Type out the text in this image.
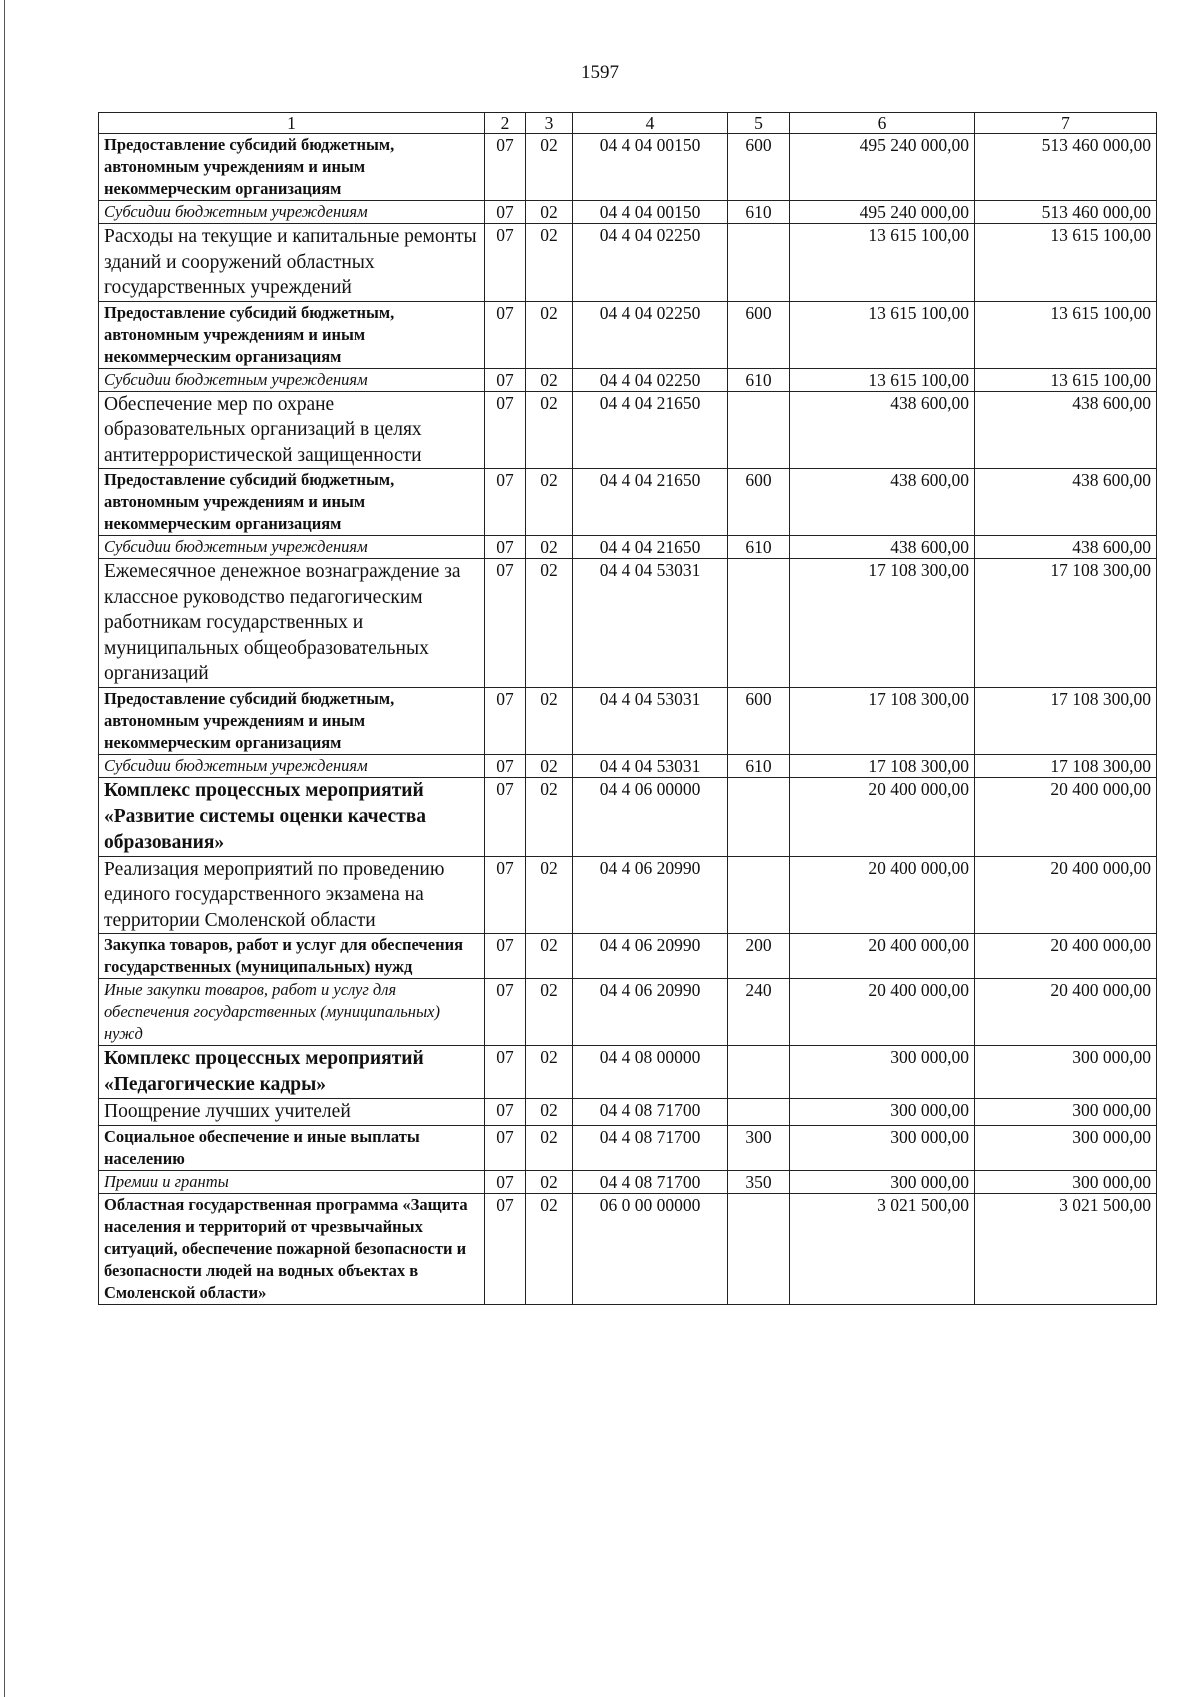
1597
1	2	3	4	5	6	7
Предоставление субсидий бюджетным, автономным учреждениям и иным некоммерческим организациям	07	02	04 4 04 00150	600	495 240 000,00	513 460 000,00
Субсидии бюджетным учреждениям	07	02	04 4 04 00150	610	495 240 000,00	513 460 000,00
Расходы на текущие и капитальные ремонты зданий и сооружений областных государственных учреждений	07	02	04 4 04 02250		13 615 100,00	13 615 100,00
Предоставление субсидий бюджетным, автономным учреждениям и иным некоммерческим организациям	07	02	04 4 04 02250	600	13 615 100,00	13 615 100,00
Субсидии бюджетным учреждениям	07	02	04 4 04 02250	610	13 615 100,00	13 615 100,00
Обеспечение мер по охране образовательных организаций в целях антитеррористической защищенности	07	02	04 4 04 21650		438 600,00	438 600,00
Предоставление субсидий бюджетным, автономным учреждениям и иным некоммерческим организациям	07	02	04 4 04 21650	600	438 600,00	438 600,00
Субсидии бюджетным учреждениям	07	02	04 4 04 21650	610	438 600,00	438 600,00
Ежемесячное денежное вознаграждение за классное руководство педагогическим работникам государственных и муниципальных общеобразовательных организаций	07	02	04 4 04 53031		17 108 300,00	17 108 300,00
Предоставление субсидий бюджетным, автономным учреждениям и иным некоммерческим организациям	07	02	04 4 04 53031	600	17 108 300,00	17 108 300,00
Субсидии бюджетным учреждениям	07	02	04 4 04 53031	610	17 108 300,00	17 108 300,00
Комплекс процессных мероприятий «Развитие системы оценки качества образования»	07	02	04 4 06 00000		20 400 000,00	20 400 000,00
Реализация мероприятий по проведению единого государственного экзамена на территории Смоленской области	07	02	04 4 06 20990		20 400 000,00	20 400 000,00
Закупка товаров, работ и услуг для обеспечения государственных (муниципальных) нужд	07	02	04 4 06 20990	200	20 400 000,00	20 400 000,00
Иные закупки товаров, работ и услуг для обеспечения государственных (муниципальных) нужд	07	02	04 4 06 20990	240	20 400 000,00	20 400 000,00
Комплекс процессных мероприятий «Педагогические кадры»	07	02	04 4 08 00000		300 000,00	300 000,00
Поощрение лучших учителей	07	02	04 4 08 71700		300 000,00	300 000,00
Социальное обеспечение и иные выплаты населению	07	02	04 4 08 71700	300	300 000,00	300 000,00
Премии и гранты	07	02	04 4 08 71700	350	300 000,00	300 000,00
Областная государственная программа «Защита населения и территорий от чрезвычайных ситуаций, обеспечение пожарной безопасности и безопасности людей на водных объектах в Смоленской области»	07	02	06 0 00 00000		3 021 500,00	3 021 500,00
